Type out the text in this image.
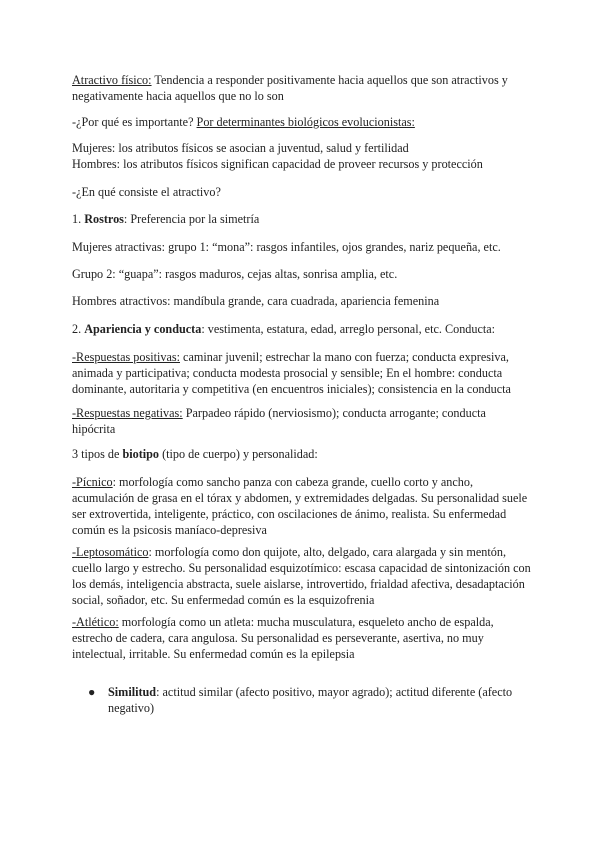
Atractivo físico: Tendencia a responder positivamente hacia aquellos que son atractivos y negativamente hacia aquellos que no lo son

-¿Por qué es importante? Por determinantes biológicos evolucionistas:

Mujeres: los atributos físicos se asocian a juventud, salud y fertilidad
Hombres: los atributos físicos significan capacidad de proveer recursos y protección

-¿En qué consiste el atractivo?

1. Rostros: Preferencia por la simetría

Mujeres atractivas: grupo 1: “mona”: rasgos infantiles, ojos grandes, nariz pequeña, etc.

Grupo 2: “guapa”: rasgos maduros, cejas altas, sonrisa amplia, etc.

Hombres atractivos: mandíbula grande, cara cuadrada, apariencia femenina

2. Apariencia y conducta: vestimenta, estatura, edad, arreglo personal, etc. Conducta:

-Respuestas positivas: caminar juvenil; estrechar la mano con fuerza; conducta expresiva, animada y participativa; conducta modesta prosocial y sensible; En el hombre: conducta dominante, autoritaria y competitiva (en encuentros iniciales); consistencia en la conducta

-Respuestas negativas: Parpadeo rápido (nerviosismo); conducta arrogante; conducta hipócrita

3 tipos de biotipo (tipo de cuerpo) y personalidad:

-Pícnico: morfología como sancho panza con cabeza grande, cuello corto y ancho, acumulación de grasa en el tórax y abdomen, y extremidades delgadas. Su personalidad suele ser extrovertida, inteligente, práctico, con oscilaciones de ánimo, realista. Su enfermedad común es la psicosis maníaco-depresiva

-Leptosomático: morfología como don quijote, alto, delgado, cara alargada y sin mentón, cuello largo y estrecho. Su personalidad esquizotímico: escasa capacidad de sintonización con los demás, inteligencia abstracta, suele aislarse, introvertido, frialdad afectiva, desadaptación social, soñador, etc. Su enfermedad común es la esquizofrenia

-Atlético: morfología como un atleta: mucha musculatura, esqueleto ancho de espalda, estrecho de cadera, cara angulosa. Su personalidad es perseverante, asertiva, no muy intelectual, irritable. Su enfermedad común es la epilepsia

●	Similitud: actitud similar (afecto positivo, mayor agrado); actitud diferente (afecto negativo)
